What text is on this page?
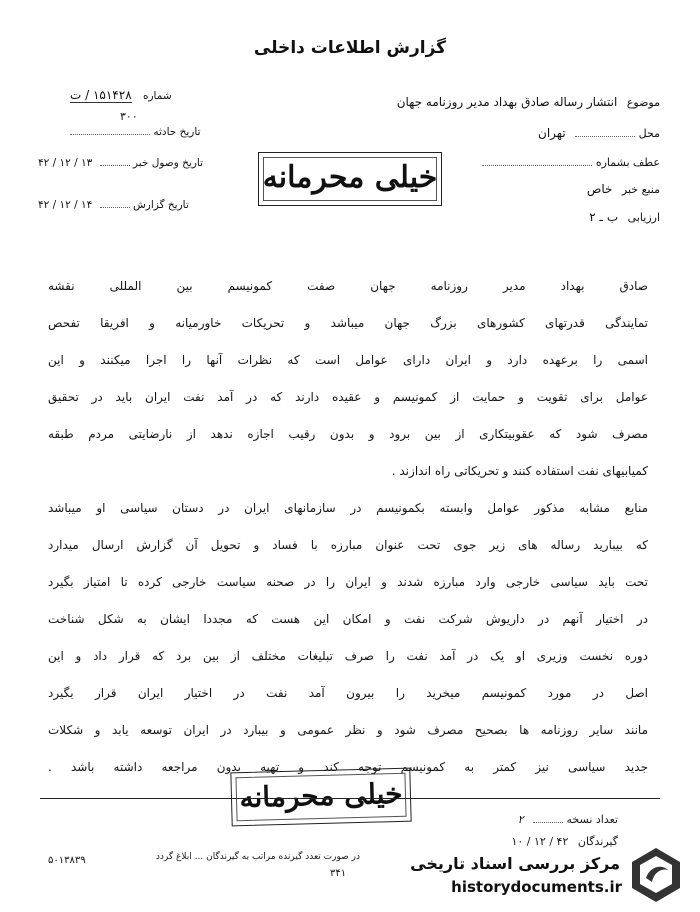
گزارش اطلاعات داخلی
موضوع انتشار رساله صادق بهداد مدیر روزنامه جهان
محل  تهران
عطف بشماره
منبع خبر خاص
ارزیابی ب ـ ۲
شماره ۱۵۱۴۲۸ / ت
۳۰۰
تاریخ حادثه
تاریخ وصول خبر  ۱۳ / ۱۲ / ۴۲
تاریخ گزارش  ۱۴ / ۱۲ / ۴۲
خیلی محرمانه

صادق بهداد مدیر روزنامه جهان صفت کمونیسم بین المللی نقشه

تمایندگی قدرتهای کشورهای بزرگ جهان میباشد و تحریکات خاورمیانه و افریقا تفحص

اسمی را برعهده دارد و ایران دارای عوامل است که نظرات آنها را اجرا میکنند و این

عوامل برای تقویت و حمایت از کمونیسم و عقیده دارند که در آمد نفت ایران باید در تحقیق

مصرف شود که عقوبیتکاری از بین برود و بدون رقیب اجازه ندهد از نارضایتی مردم طبقه

کمیابیهای نفت استفاده کنند و تحریکاتی راه اندازند .

منابع مشابه مذکور عوامل وابسته بکمونیسم در سازمانهای ایران در دستان سیاسی او میباشد

که بیبارید رساله های زیر جوی تحت عنوان مبارزه با فساد و تحویل آن گزارش ارسال میدارد

تحت باید سیاسی خارجی وارد مبارزه شدند و ایران را در صحنه سیاست خارجی کرده تا امتیاز بگیرد

در اختیار آنهم در داریوش شرکت نفت و امکان این هست که مجددا ایشان به شکل شناخت

دوره نخست وزیری او یک در آمد نفت را صرف تبلیغات مختلف از بین برد که قرار داد و این

اصل در مورد کمونیسم میخرید را بیرون آمد نفت در اختیار ایران قرار بگیرد

مانند سایر روزنامه ها بصحیح مصرف شود و نظر عمومی و بیبارد در ایران توسعه یابد و شکلات

جدید سیاسی نیز کمتر به کمونیسم توجه کند و تهیه بدون مراجعه داشته باشد .

خیلی محرمانه
تعداد نسخه  ۲
گیرندگان ۴۲ / ۱۲ / ۱۰
در صورت تعدد گیرنده مراتب به گیرندگان ... ابلاغ گردد
۳۴۱
۵۰۱۳۸۳۹	مرکز بررسی اسناد تاریخی
historydocuments.ir
